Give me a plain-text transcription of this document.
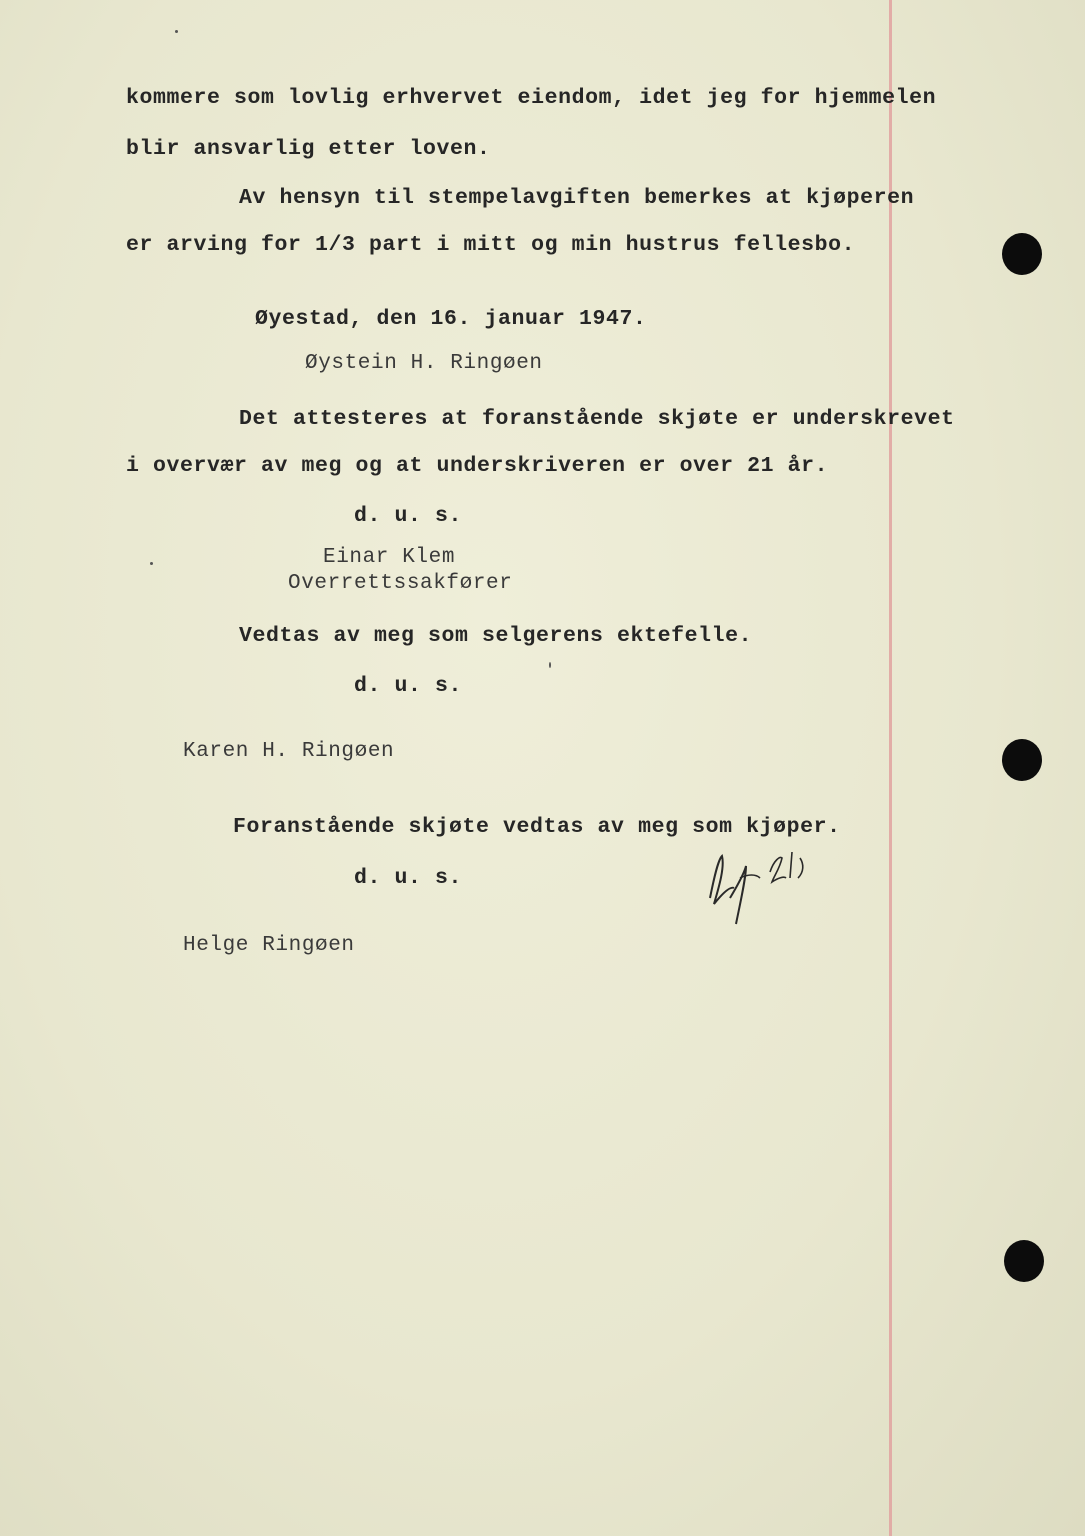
kommere som lovlig erhvervet eiendom, idet jeg for hjemmelen
blir ansvarlig etter loven.
Av hensyn til stempelavgiften bemerkes at kjøperen
er arving for 1/3 part i mitt og min hustrus fellesbo.
Øyestad, den 16. januar 1947.
Øystein H. Ringøen
Det attesteres at foranstående skjøte er underskrevet
i overvær av meg og at underskriveren er over 21 år.
d. u. s.
Einar Klem
Overrettssakfører
Vedtas av meg som selgerens ektefelle.
d. u. s.
Karen H. Ringøen
Foranstående skjøte vedtas av meg som kjøper.
d. u. s.
Helge Ringøen
